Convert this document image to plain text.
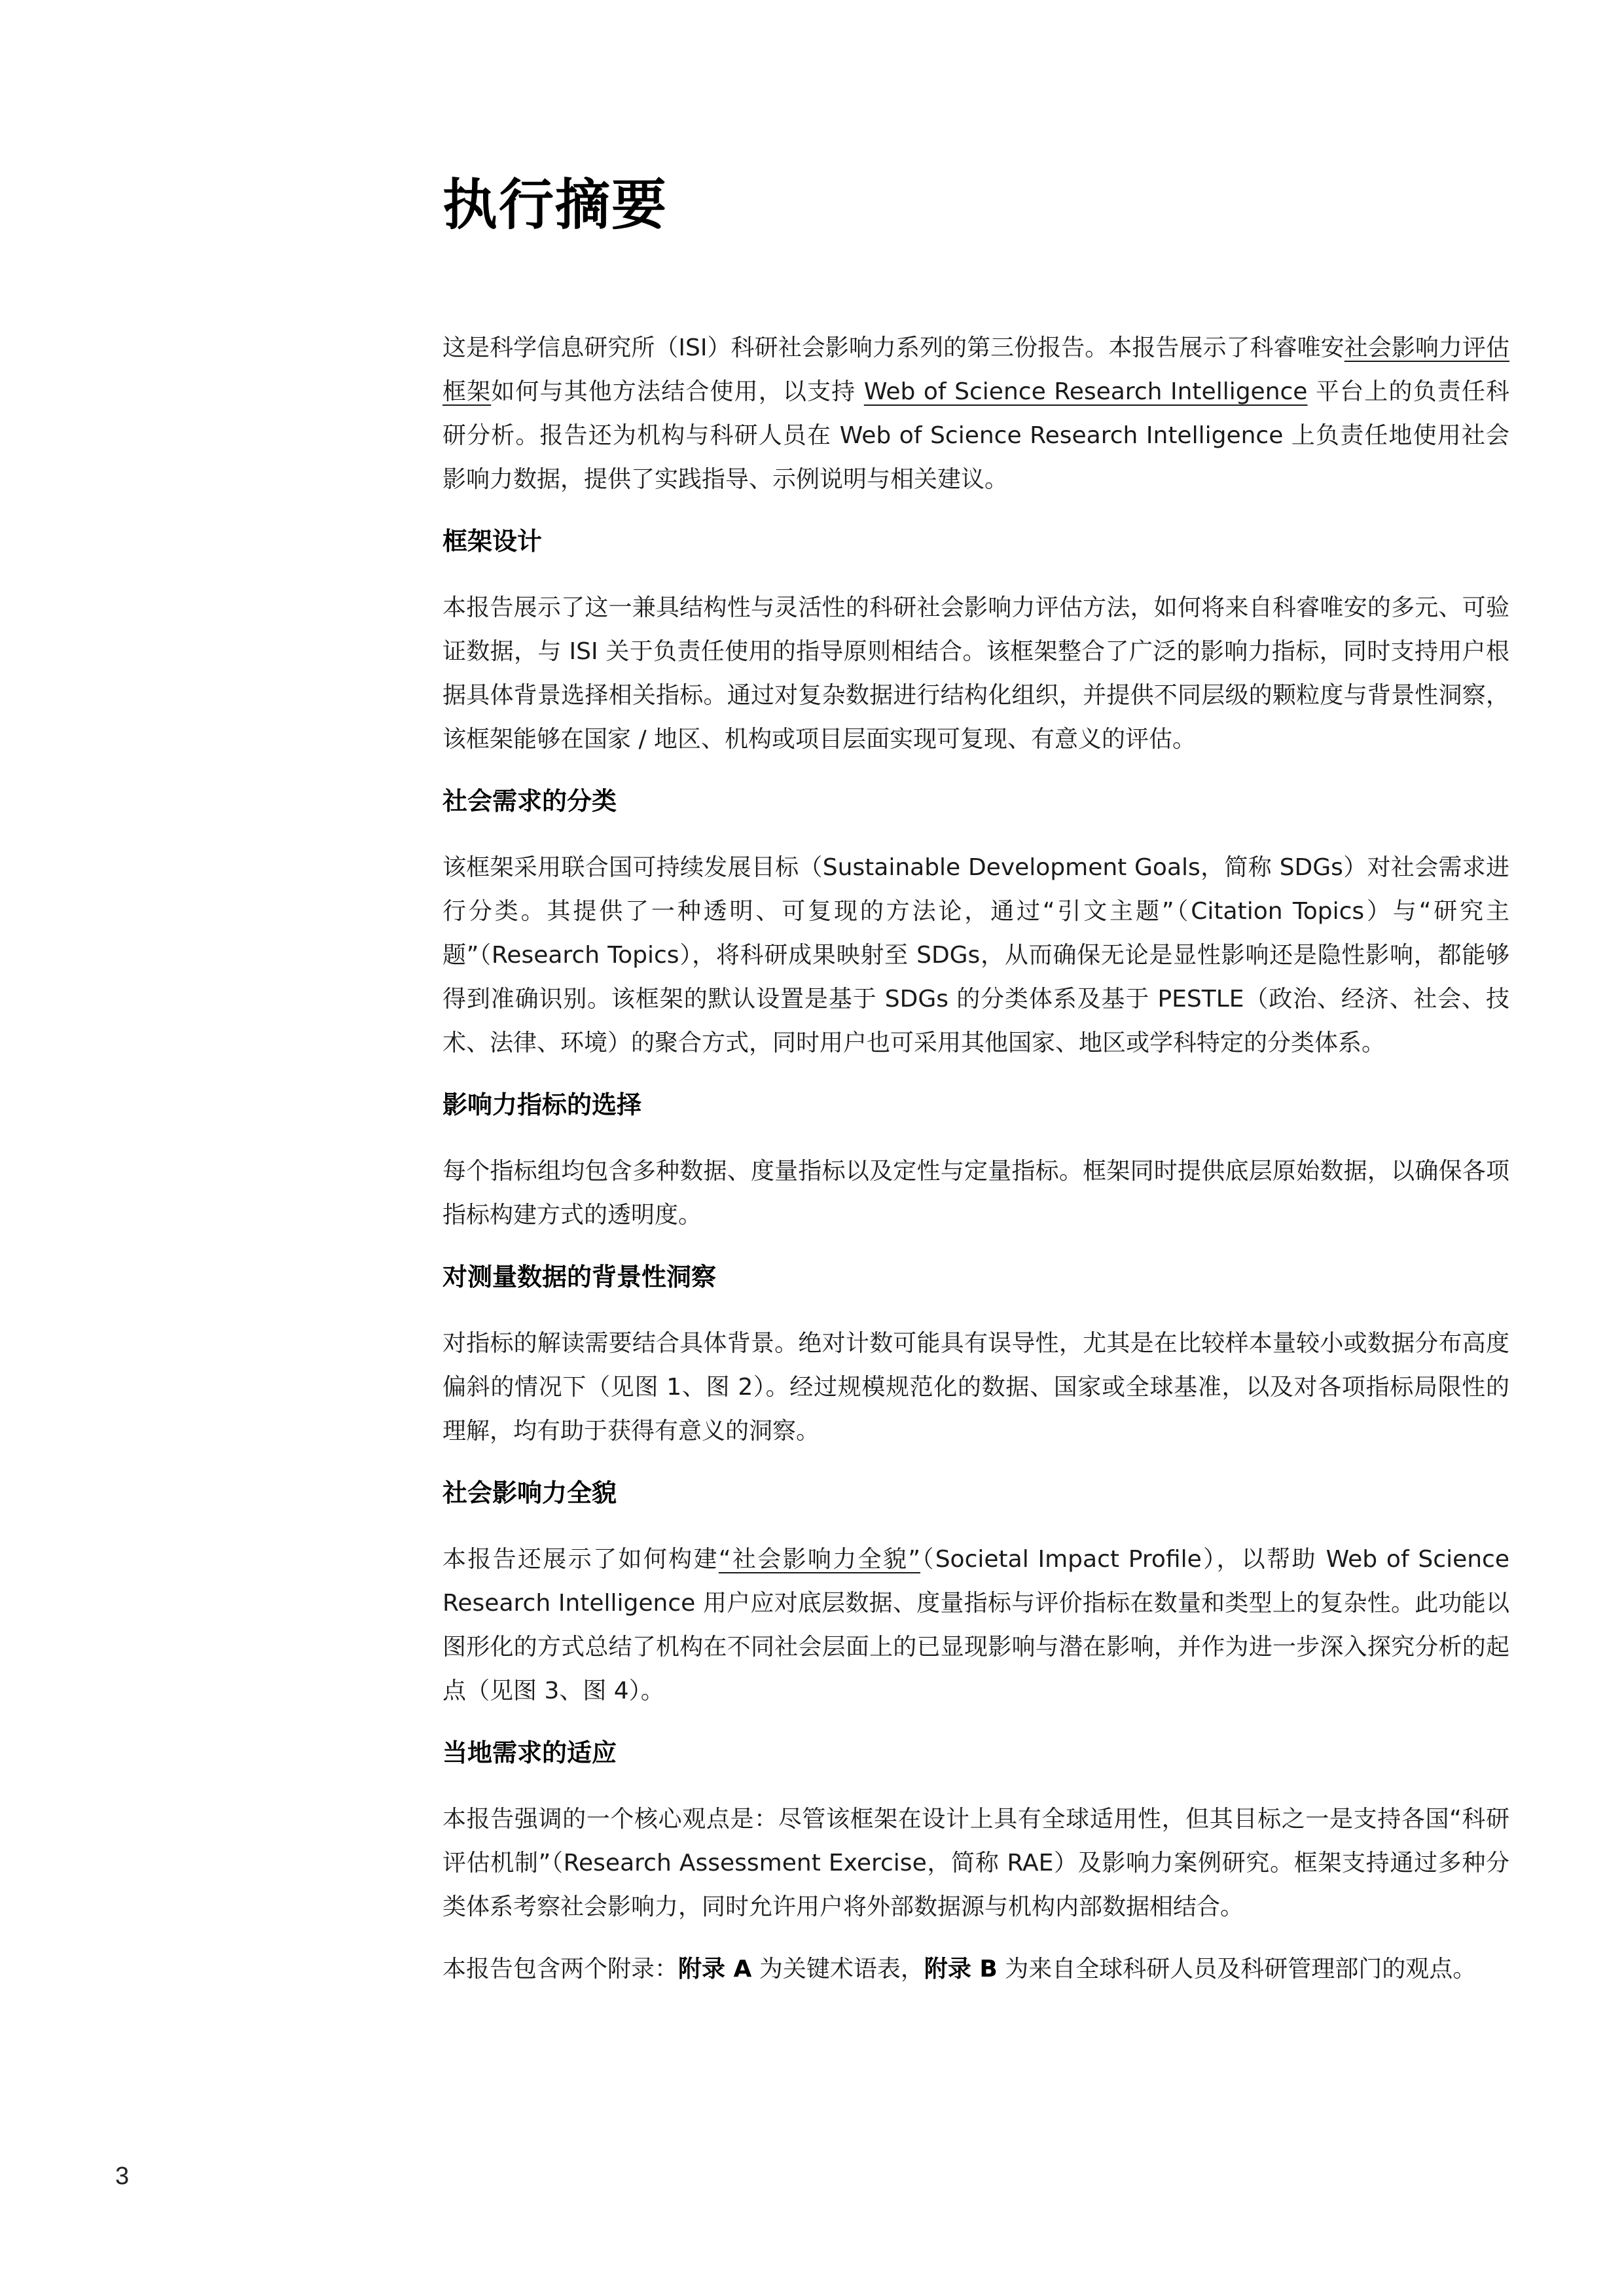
执行摘要

这是科学信息研究所（ISI）科研社会影响力系列的第三份报告。本报告展示了科睿唯安社会影响力评估框架如何与其他方法结合使用，以支持 Web of Science Research Intelligence 平台上的负责任科研分析。报告还为机构与科研人员在 Web of Science Research Intelligence 上负责任地使用社会影响力数据，提供了实践指导、示例说明与相关建议。

框架设计

本报告展示了这一兼具结构性与灵活性的科研社会影响力评估方法，如何将来自科睿唯安的多元、可验证数据，与 ISI 关于负责任使用的指导原则相结合。该框架整合了广泛的影响力指标，同时支持用户根据具体背景选择相关指标。通过对复杂数据进行结构化组织，并提供不同层级的颗粒度与背景性洞察，该框架能够在国家 / 地区、机构或项目层面实现可复现、有意义的评估。

社会需求的分类

该框架采用联合国可持续发展目标（Sustainable Development Goals，简称 SDGs）对社会需求进行分类。其提供了一种透明、可复现的方法论，通过“引文主题”（Citation Topics）与“研究主题”（Research Topics），将科研成果映射至 SDGs，从而确保无论是显性影响还是隐性影响，都能够得到准确识别。该框架的默认设置是基于 SDGs 的分类体系及基于 PESTLE（政治、经济、社会、技术、法律、环境）的聚合方式，同时用户也可采用其他国家、地区或学科特定的分类体系。

影响力指标的选择

每个指标组均包含多种数据、度量指标以及定性与定量指标。框架同时提供底层原始数据，以确保各项指标构建方式的透明度。

对测量数据的背景性洞察

对指标的解读需要结合具体背景。绝对计数可能具有误导性，尤其是在比较样本量较小或数据分布高度偏斜的情况下（见图 1、图 2）。经过规模规范化的数据、国家或全球基准，以及对各项指标局限性的理解，均有助于获得有意义的洞察。

社会影响力全貌

本报告还展示了如何构建“社会影响力全貌”（Societal Impact Profile），以帮助 Web of Science Research Intelligence 用户应对底层数据、度量指标与评价指标在数量和类型上的复杂性。此功能以图形化的方式总结了机构在不同社会层面上的已显现影响与潜在影响，并作为进一步深入探究分析的起点（见图 3、图 4）。

当地需求的适应

本报告强调的一个核心观点是：尽管该框架在设计上具有全球适用性，但其目标之一是支持各国“科研评估机制”（Research Assessment Exercise，简称 RAE）及影响力案例研究。框架支持通过多种分类体系考察社会影响力，同时允许用户将外部数据源与机构内部数据相结合。

本报告包含两个附录：附录 A 为关键术语表，附录 B 为来自全球科研人员及科研管理部门的观点。

3
